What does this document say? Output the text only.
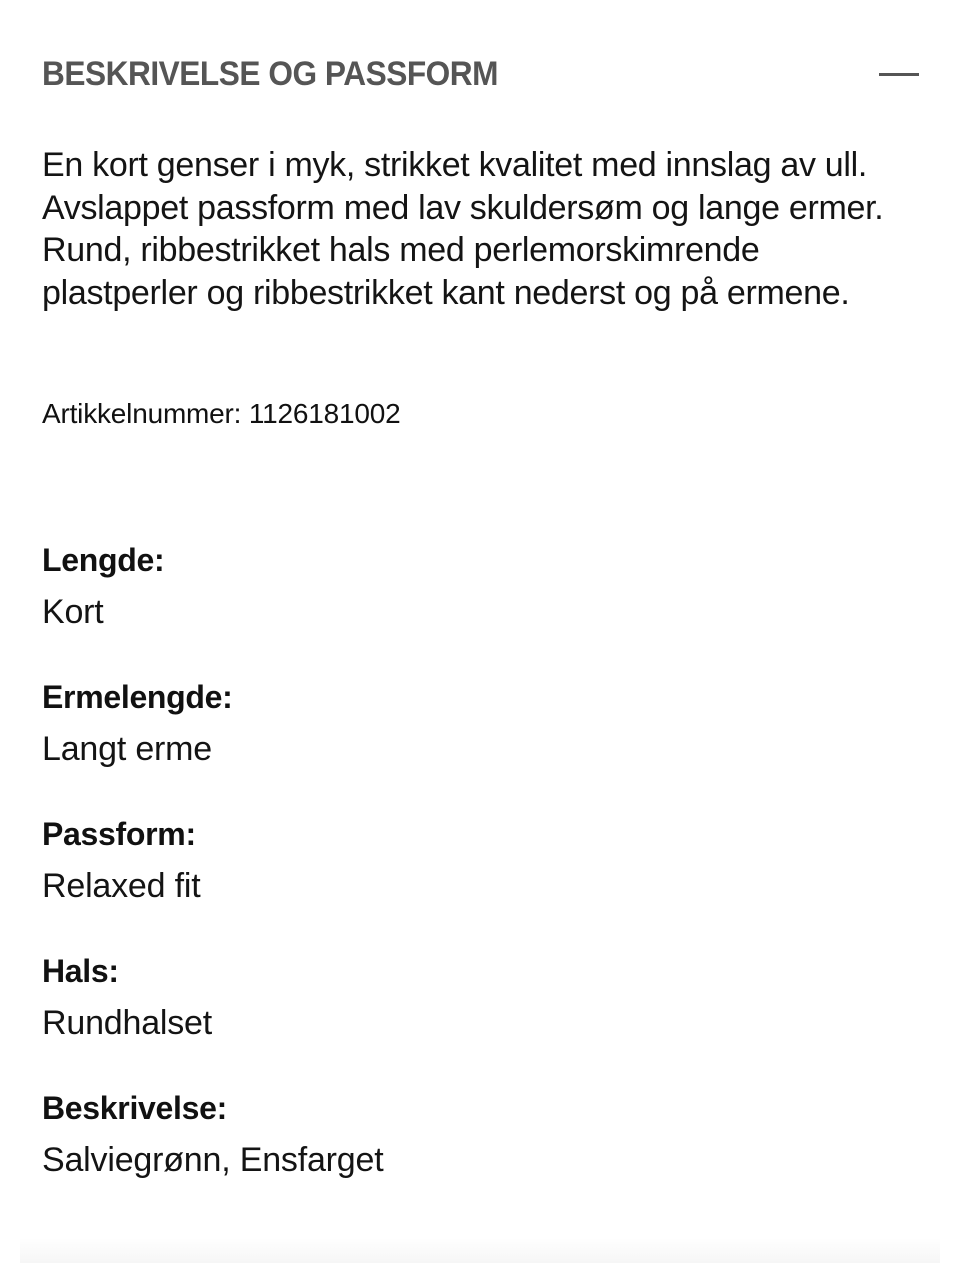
BESKRIVELSE OG PASSFORM
En kort genser i myk, strikket kvalitet med innslag av ull. Avslappet passform med lav skuldersøm og lange ermer. Rund, ribbestrikket hals med perlemorskimrende plastperler og ribbestrikket kant nederst og på ermene.
Artikkelnummer: 1126181002
Lengde:
Kort
Ermelengde:
Langt erme
Passform:
Relaxed fit
Hals:
Rundhalset
Beskrivelse:
Salviegrønn, Ensfarget
